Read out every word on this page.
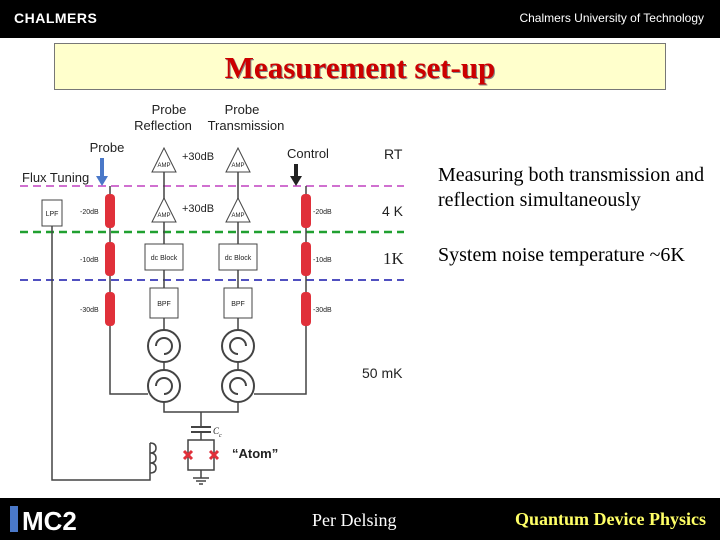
CHALMERS	Chalmers University of Technology
Measurement set-up
Probe
Reflection
Probe
Transmission
Probe	Control
Flux Tuning
RT
4 K
1K
50 mK
LPF	-20dB
-10dB
-30dB
AMP
+30dB
AMP
+30dB
dc Block
BPF
AMP
AMP
dc Block
BPF
-20dB
-10dB
-30dB
$C_c$
“Atom”

Measuring both transmission and reflection simultaneously

System noise temperature ~6K

MC2	Per Delsing	Quantum Device Physics
